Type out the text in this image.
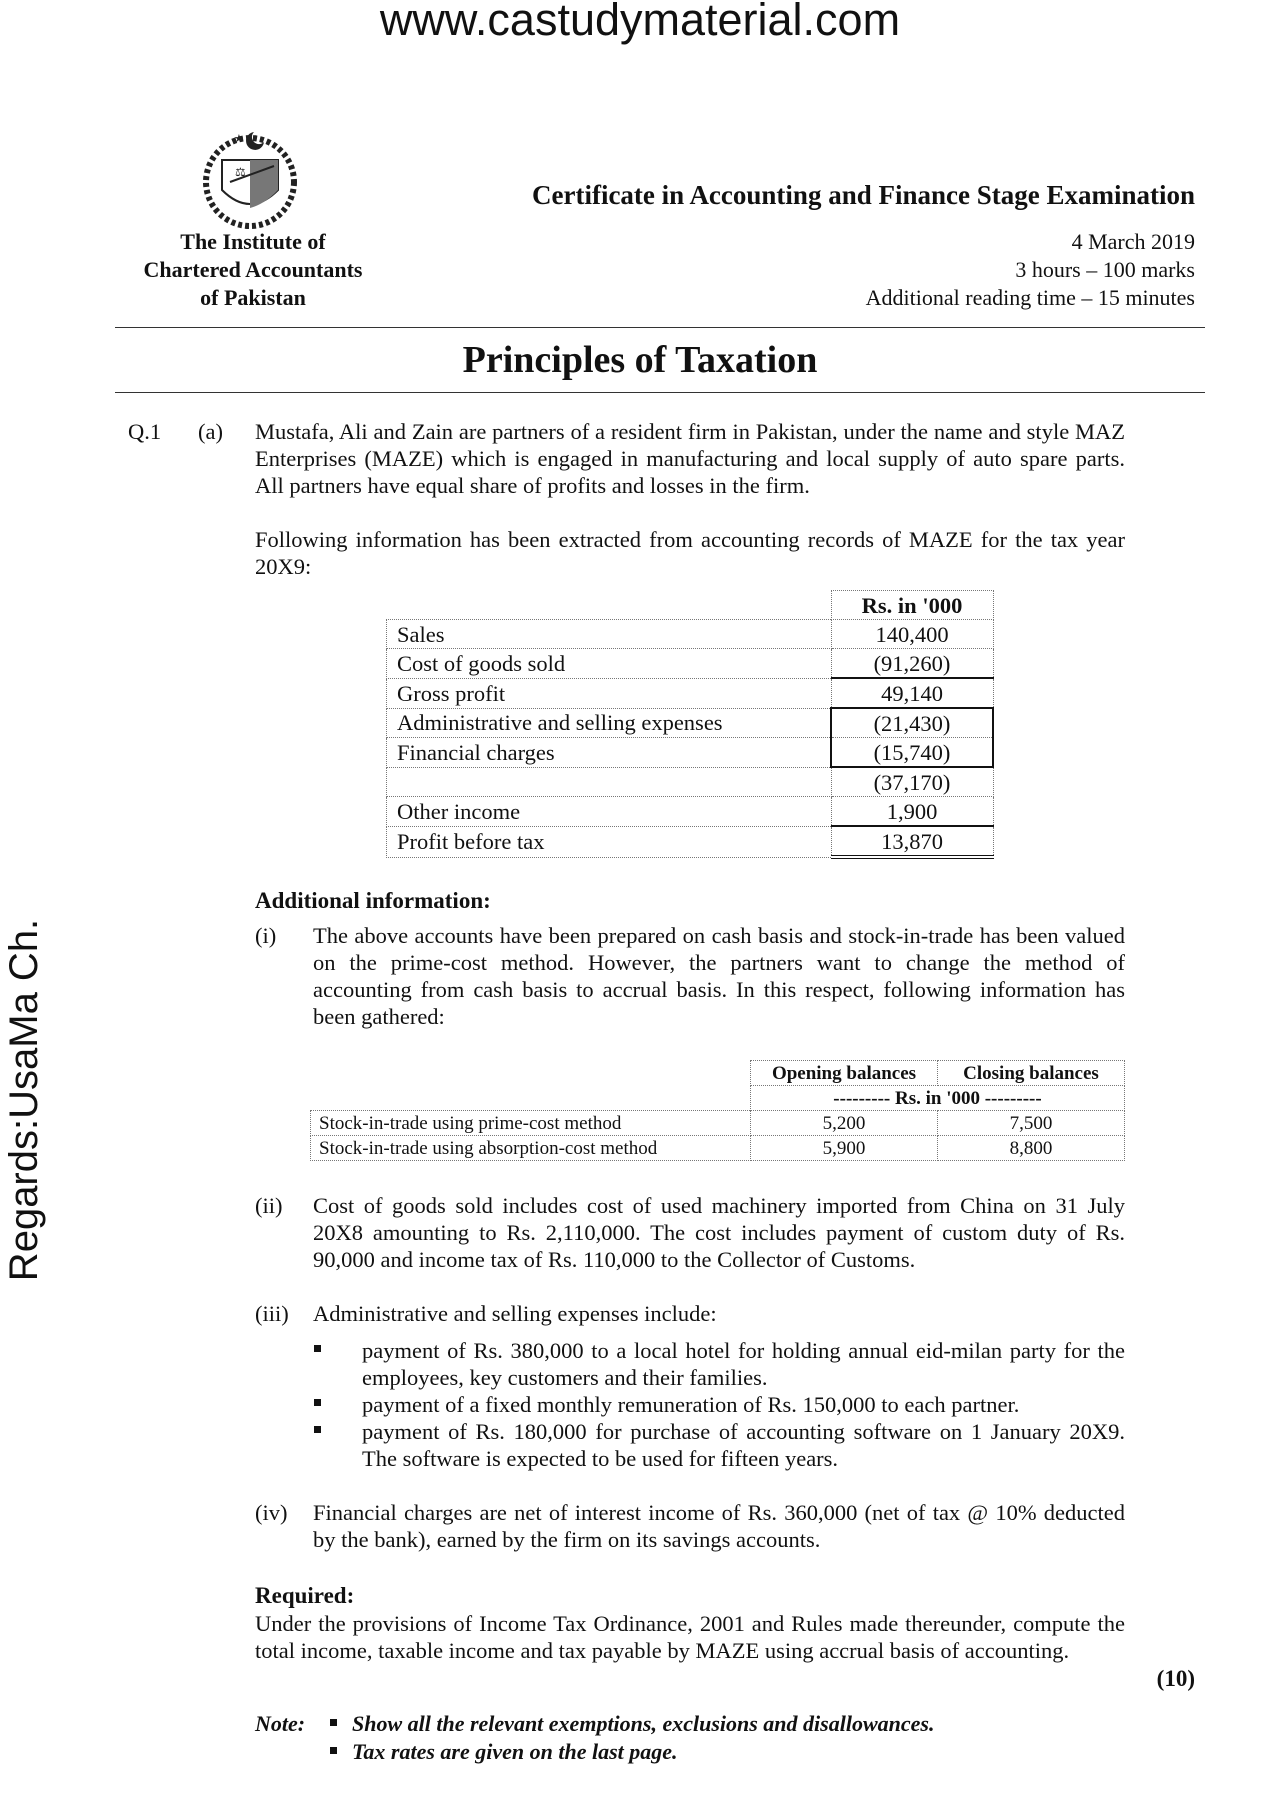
www.castudymaterial.com
Regards:UsaMa Ch.
⚖
★
The Institute of
Chartered Accountants
of Pakistan
Certificate in Accounting and Finance Stage Examination
4 March 2019
3 hours – 100 marks
Additional reading time – 15 minutes
Principles of Taxation
Q.1 (a) Mustafa, Ali and Zain are partners of a resident firm in Pakistan, under the name and style MAZ Enterprises (MAZE) which is engaged in manufacturing and local supply of auto spare parts. All partners have equal share of profits and losses in the firm.
Following information has been extracted from accounting records of MAZE for the tax year 20X9:
	Rs. in '000
Sales	140,400
Cost of goods sold	(91,260)
Gross profit	49,140
Administrative and selling expenses	(21,430)
Financial charges	(15,740)
	(37,170)
Other income	1,900
Profit before tax	13,870
Additional information:
(i) The above accounts have been prepared on cash basis and stock-in-trade has been valued on the prime-cost method. However, the partners want to change the method of accounting from cash basis to accrual basis. In this respect, following information has been gathered:
	Opening balances	Closing balances
	--------- Rs. in '000 ---------	
Stock-in-trade using prime-cost method	5,200	7,500
Stock-in-trade using absorption-cost method	5,900	8,800
(ii) Cost of goods sold includes cost of used machinery imported from China on 31 July 20X8 amounting to Rs. 2,110,000. The cost includes payment of custom duty of Rs. 90,000 and income tax of Rs. 110,000 to the Collector of Customs.
(iii) Administrative and selling expenses include:
payment of Rs. 380,000 to a local hotel for holding annual eid-milan party for the employees, key customers and their families.
payment of a fixed monthly remuneration of Rs. 150,000 to each partner.
payment of Rs. 180,000 for purchase of accounting software on 1 January 20X9. The software is expected to be used for fifteen years.
(iv) Financial charges are net of interest income of Rs. 360,000 (net of tax @ 10% deducted by the bank), earned by the firm on its savings accounts.
Required:
Under the provisions of Income Tax Ordinance, 2001 and Rules made thereunder, compute the total income, taxable income and tax payable by MAZE using accrual basis of accounting.
(10)
Note: Show all the relevant exemptions, exclusions and disallowances.
Tax rates are given on the last page.
